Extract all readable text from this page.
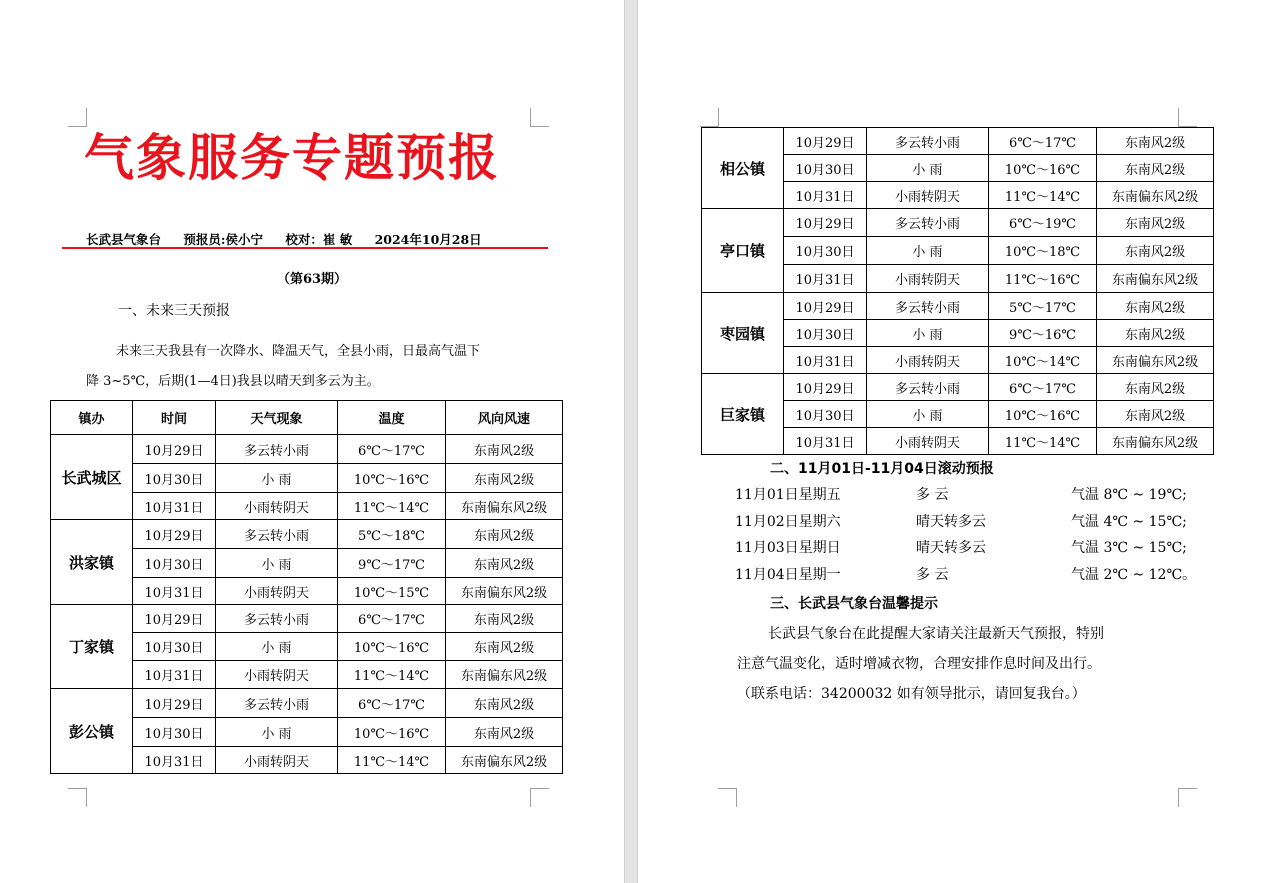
气象服务专题预报
长武县气象台 预报员:侯小宁 校对：崔 敏 2024年10月28日
（第63期）
一、未来三天预报
未来三天我县有一次降水、降温天气，全县小雨，日最高气温下
降 3~5℃，后期(1—4日)我县以晴天到多云为主。
镇办	时间	天气现象	温度	风向风速
长武城区	10月29日	多云转小雨	6℃～17℃	东南风2级
	10月30日	小 雨	10℃～16℃	东南风2级
	10月31日	小雨转阴天	11℃～14℃	东南偏东风2级
洪家镇	10月29日	多云转小雨	5℃～18℃	东南风2级
	10月30日	小 雨	9℃～17℃	东南风2级
	10月31日	小雨转阴天	10℃～15℃	东南偏东风2级
丁家镇	10月29日	多云转小雨	6℃～17℃	东南风2级
	10月30日	小 雨	10℃～16℃	东南风2级
	10月31日	小雨转阴天	11℃～14℃	东南偏东风2级
彭公镇	10月29日	多云转小雨	6℃～17℃	东南风2级
	10月30日	小 雨	10℃～16℃	东南风2级
	10月31日	小雨转阴天	11℃～14℃	东南偏东风2级
相公镇	10月29日	多云转小雨	6℃～17℃	东南风2级
	10月30日	小 雨	10℃～16℃	东南风2级
	10月31日	小雨转阴天	11℃～14℃	东南偏东风2级
亭口镇	10月29日	多云转小雨	6℃～19℃	东南风2级
	10月30日	小 雨	10℃～18℃	东南风2级
	10月31日	小雨转阴天	11℃～16℃	东南偏东风2级
枣园镇	10月29日	多云转小雨	5℃～17℃	东南风2级
	10月30日	小 雨	9℃～16℃	东南风2级
	10月31日	小雨转阴天	10℃～14℃	东南偏东风2级
巨家镇	10月29日	多云转小雨	6℃～17℃	东南风2级
	10月30日	小 雨	10℃～16℃	东南风2级
	10月31日	小雨转阴天	11℃～14℃	东南偏东风2级
二、11月01日-11月04日滚动预报
11月01日星期五	多 云	气温 8℃ ~ 19℃;
11月02日星期六	晴天转多云	气温 4℃ ~ 15℃;
11月03日星期日	晴天转多云	气温 3℃ ~ 15℃;
11月04日星期一	多 云	气温 2℃ ~ 12℃。
三、长武县气象台温馨提示
长武县气象台在此提醒大家请关注最新天气预报，特别
注意气温变化，适时增减衣物，合理安排作息时间及出行。
（联系电话：34200032 如有领导批示，请回复我台。）
